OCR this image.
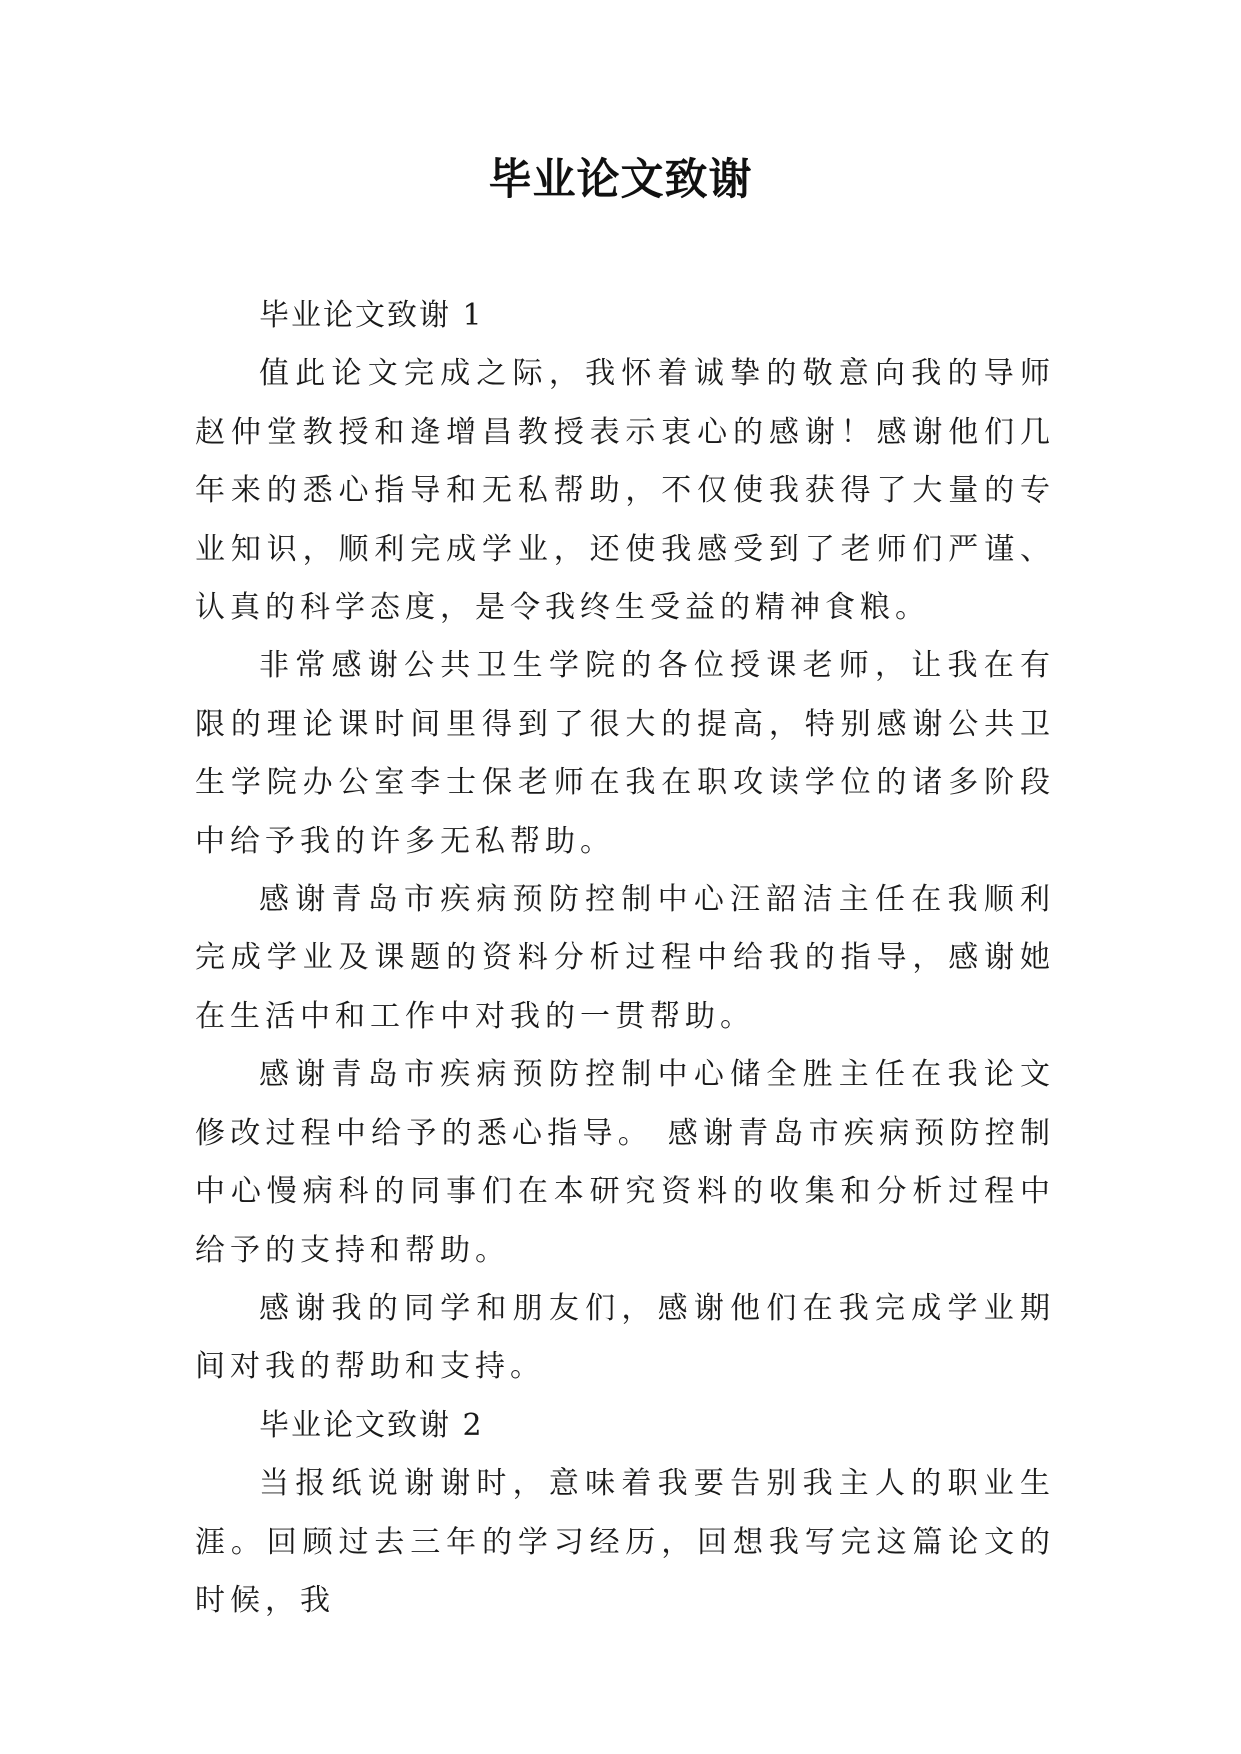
毕业论文致谢

毕业论文致谢 1

值此论文完成之际，我怀着诚挚的敬意向我的导师赵仲堂教授和逄增昌教授表示衷心的感谢！感谢他们几年来的悉心指导和无私帮助，不仅使我获得了大量的专业知识，顺利完成学业，还使我感受到了老师们严谨、认真的科学态度，是令我终生受益的精神食粮。

非常感谢公共卫生学院的各位授课老师，让我在有限的理论课时间里得到了很大的提高，特别感谢公共卫生学院办公室李士保老师在我在职攻读学位的诸多阶段中给予我的许多无私帮助。

感谢青岛市疾病预防控制中心汪韶洁主任在我顺利完成学业及课题的资料分析过程中给我的指导，感谢她在生活中和工作中对我的一贯帮助。

感谢青岛市疾病预防控制中心储全胜主任在我论文修改过程中给予的悉心指导。 感谢青岛市疾病预防控制中心慢病科的同事们在本研究资料的收集和分析过程中给予的支持和帮助。

感谢我的同学和朋友们，感谢他们在我完成学业期间对我的帮助和支持。

毕业论文致谢 2

当报纸说谢谢时，意味着我要告别我主人的职业生涯。回顾过去三年的学习经历，回想我写完这篇论文的时候，我
